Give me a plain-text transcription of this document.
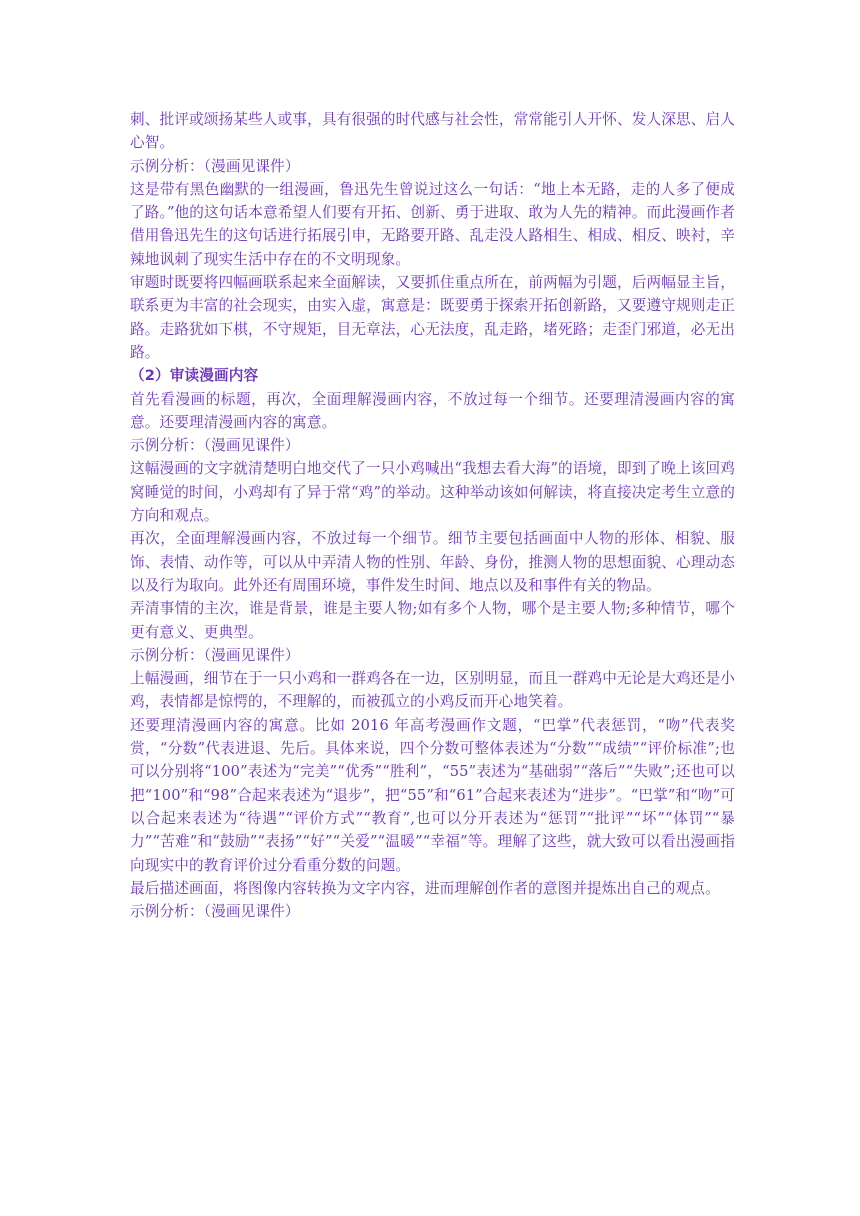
刺、批评或颂扬某些人或事，具有很强的时代感与社会性，常常能引人开怀、发人深思、启人心智。

示例分析：（漫画见课件）

这是带有黑色幽默的一组漫画，鲁迅先生曾说过这么一句话：“地上本无路，走的人多了便成了路。”他的这句话本意希望人们要有开拓、创新、勇于进取、敢为人先的精神。而此漫画作者借用鲁迅先生的这句话进行拓展引申，无路要开路、乱走没人路相生、相成、相反、映衬，辛辣地讽刺了现实生活中存在的不文明现象。

审题时既要将四幅画联系起来全面解读，又要抓住重点所在，前两幅为引题，后两幅显主旨，联系更为丰富的社会现实，由实入虚，寓意是：既要勇于探索开拓创新路，又要遵守规则走正路。走路犹如下棋，不守规矩，目无章法，心无法度，乱走路，堵死路；走歪门邪道，必无出路。

（2）审读漫画内容

首先看漫画的标题，再次，全面理解漫画内容，不放过每一个细节。还要理清漫画内容的寓意。还要理清漫画内容的寓意。

示例分析：（漫画见课件）

这幅漫画的文字就清楚明白地交代了一只小鸡喊出“我想去看大海”的语境，即到了晚上该回鸡窝睡觉的时间，小鸡却有了异于常“鸡”的举动。这种举动该如何解读，将直接决定考生立意的方向和观点。

再次，全面理解漫画内容，不放过每一个细节。细节主要包括画面中人物的形体、相貌、服饰、表情、动作等，可以从中弄清人物的性别、年龄、身份，推测人物的思想面貌、心理动态以及行为取向。此外还有周围环境，事件发生时间、地点以及和事件有关的物品。

弄清事情的主次，谁是背景，谁是主要人物;如有多个人物，哪个是主要人物;多种情节，哪个更有意义、更典型。

示例分析：（漫画见课件）

上幅漫画，细节在于一只小鸡和一群鸡各在一边，区别明显，而且一群鸡中无论是大鸡还是小鸡，表情都是惊愕的，不理解的，而被孤立的小鸡反而开心地笑着。

还要理清漫画内容的寓意。比如 2016 年高考漫画作文题，“巴掌”代表惩罚，“吻”代表奖赏，“分数”代表进退、先后。具体来说，四个分数可整体表述为“分数”“成绩”“评价标准”;也可以分别将“100”表述为“完美”“优秀”“胜利”，“55”表述为“基础弱”“落后”“失败”;还也可以把“100”和“98”合起来表述为“退步”，把“55”和“61”合起来表述为“进步”。“巴掌”和“吻”可以合起来表述为“待遇”“评价方式”“教育”,也可以分开表述为“惩罚”“批评”“坏”“体罚”“暴力”“苦难”和“鼓励”“表扬”“好”“关爱”“温暖”“幸福”等。理解了这些，就大致可以看出漫画指向现实中的教育评价过分看重分数的问题。

最后描述画面，将图像内容转换为文字内容，进而理解创作者的意图并提炼出自己的观点。

示例分析：（漫画见课件）
